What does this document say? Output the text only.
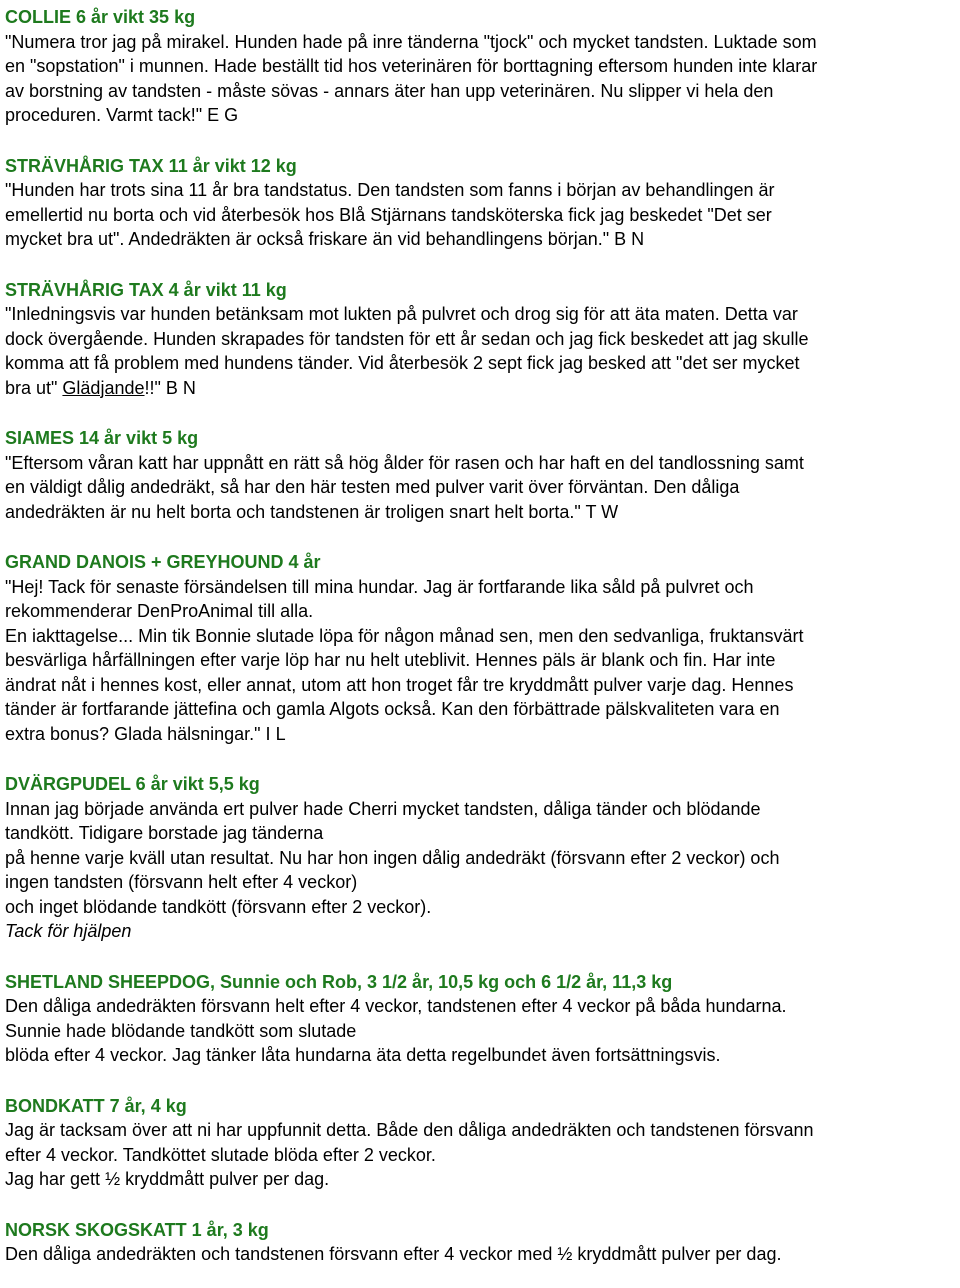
COLLIE 6 år vikt 35 kg

"Numera tror jag på mirakel. Hunden hade på inre tänderna "tjock" och mycket tandsten. Luktade som

en "sopstation" i munnen. Hade beställt tid hos veterinären för borttagning eftersom hunden inte klarar

av borstning av tandsten - måste sövas - annars äter han upp veterinären. Nu slipper vi hela den

proceduren. Varmt tack!" E G

STRÄVHÅRIG TAX 11 år vikt 12 kg

"Hunden har trots sina 11 år bra tandstatus. Den tandsten som fanns i början av behandlingen är

emellertid nu borta och vid återbesök hos Blå Stjärnans tandsköterska fick jag beskedet "Det ser

mycket bra ut". Andedräkten är också friskare än vid behandlingens början." B N

STRÄVHÅRIG TAX 4 år vikt 11 kg

"Inledningsvis var hunden betänksam mot lukten på pulvret och drog sig för att äta maten. Detta var

dock övergående. Hunden skrapades för tandsten för ett år sedan och jag fick beskedet att jag skulle

komma att få problem med hundens tänder. Vid återbesök 2 sept fick jag besked att "det ser mycket

bra ut" Glädjande!!" B N

SIAMES 14 år vikt 5 kg

"Eftersom våran katt har uppnått en rätt så hög ålder för rasen och har haft en del tandlossning samt

en väldigt dålig andedräkt, så har den här testen med pulver varit över förväntan. Den dåliga

andedräkten är nu helt borta och tandstenen är troligen snart helt borta." T W

GRAND DANOIS + GREYHOUND 4 år

"Hej! Tack för senaste försändelsen till mina hundar. Jag är fortfarande lika såld på pulvret och

rekommenderar DenProAnimal till alla.

En iakttagelse... Min tik Bonnie slutade löpa för någon månad sen, men den sedvanliga, fruktansvärt

besvärliga hårfällningen efter varje löp har nu helt uteblivit. Hennes päls är blank och fin. Har inte

ändrat nåt i hennes kost, eller annat, utom att hon troget får tre kryddmått pulver varje dag. Hennes

tänder är fortfarande jättefina och gamla Algots också. Kan den förbättrade pälskvaliteten vara en

extra bonus? Glada hälsningar." I L

DVÄRGPUDEL 6 år vikt 5,5 kg

Innan jag började använda ert pulver hade Cherri mycket tandsten, dåliga tänder och blödande

tandkött. Tidigare borstade jag tänderna

på henne varje kväll utan resultat. Nu har hon ingen dålig andedräkt (försvann efter 2 veckor) och

ingen tandsten (försvann helt efter 4 veckor)

och inget blödande tandkött (försvann efter 2 veckor).

Tack för hjälpen

SHETLAND SHEEPDOG, Sunnie och Rob, 3 1/2 år, 10,5 kg och 6 1/2 år, 11,3 kg

Den dåliga andedräkten försvann helt efter 4 veckor, tandstenen efter 4 veckor på båda hundarna.

Sunnie hade blödande tandkött som slutade

blöda efter 4 veckor. Jag tänker låta hundarna äta detta regelbundet även fortsättningsvis.

BONDKATT 7 år, 4 kg

Jag är tacksam över att ni har uppfunnit detta. Både den dåliga andedräkten och tandstenen försvann

efter 4 veckor. Tandköttet slutade blöda efter 2 veckor.

Jag har gett ½ kryddmått pulver per dag.

NORSK SKOGSKATT 1 år, 3 kg

Den dåliga andedräkten och tandstenen försvann efter 4 veckor med ½ kryddmått pulver per dag.
